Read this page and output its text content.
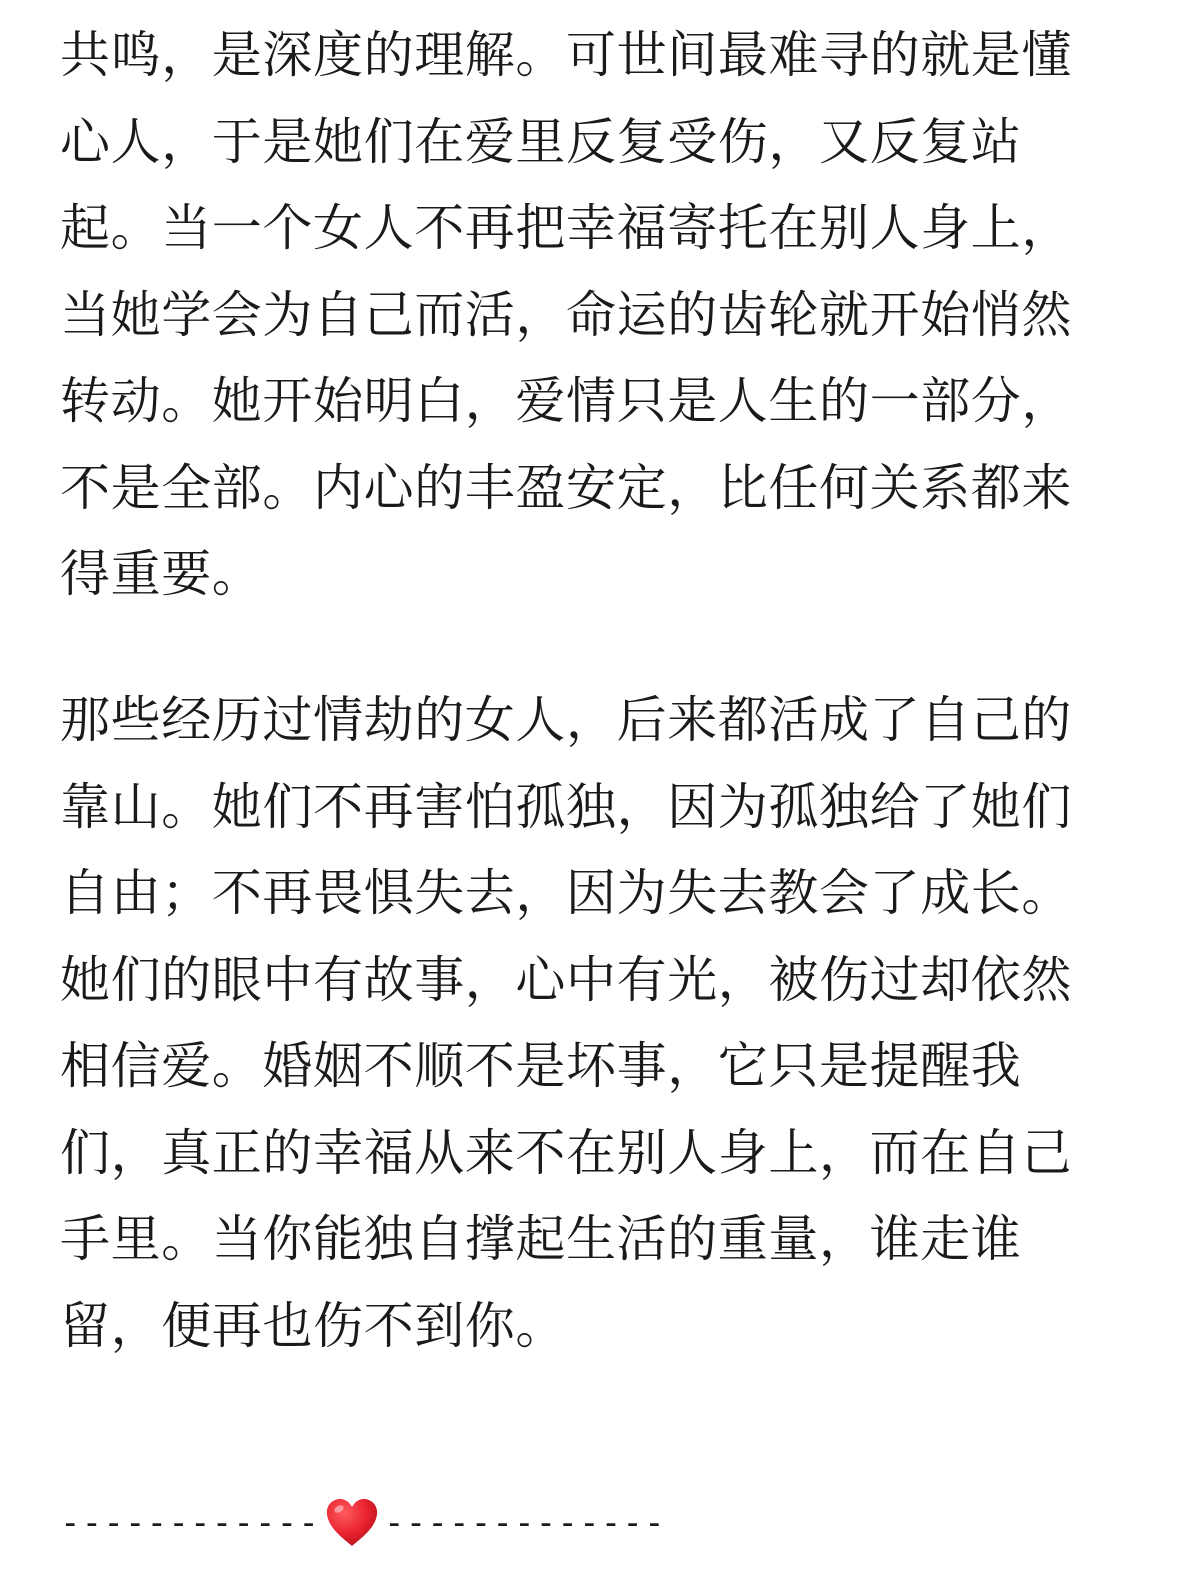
共鸣，是深度的理解。可世间最难寻的就是懂
心人，于是她们在爱里反复受伤，又反复站
起。当一个女人不再把幸福寄托在别人身上，
当她学会为自己而活，命运的齿轮就开始悄然
转动。她开始明白，爱情只是人生的一部分，
不是全部。内心的丰盈安定，比任何关系都来
得重要。
那些经历过情劫的女人，后来都活成了自己的
靠山。她们不再害怕孤独，因为孤独给了她们
自由；不再畏惧失去，因为失去教会了成长。
她们的眼中有故事，心中有光，被伤过却依然
相信爱。婚姻不顺不是坏事，它只是提醒我
们，真正的幸福从来不在别人身上，而在自己
手里。当你能独自撑起生活的重量，谁走谁
留，便再也伤不到你。
------------ -------------
